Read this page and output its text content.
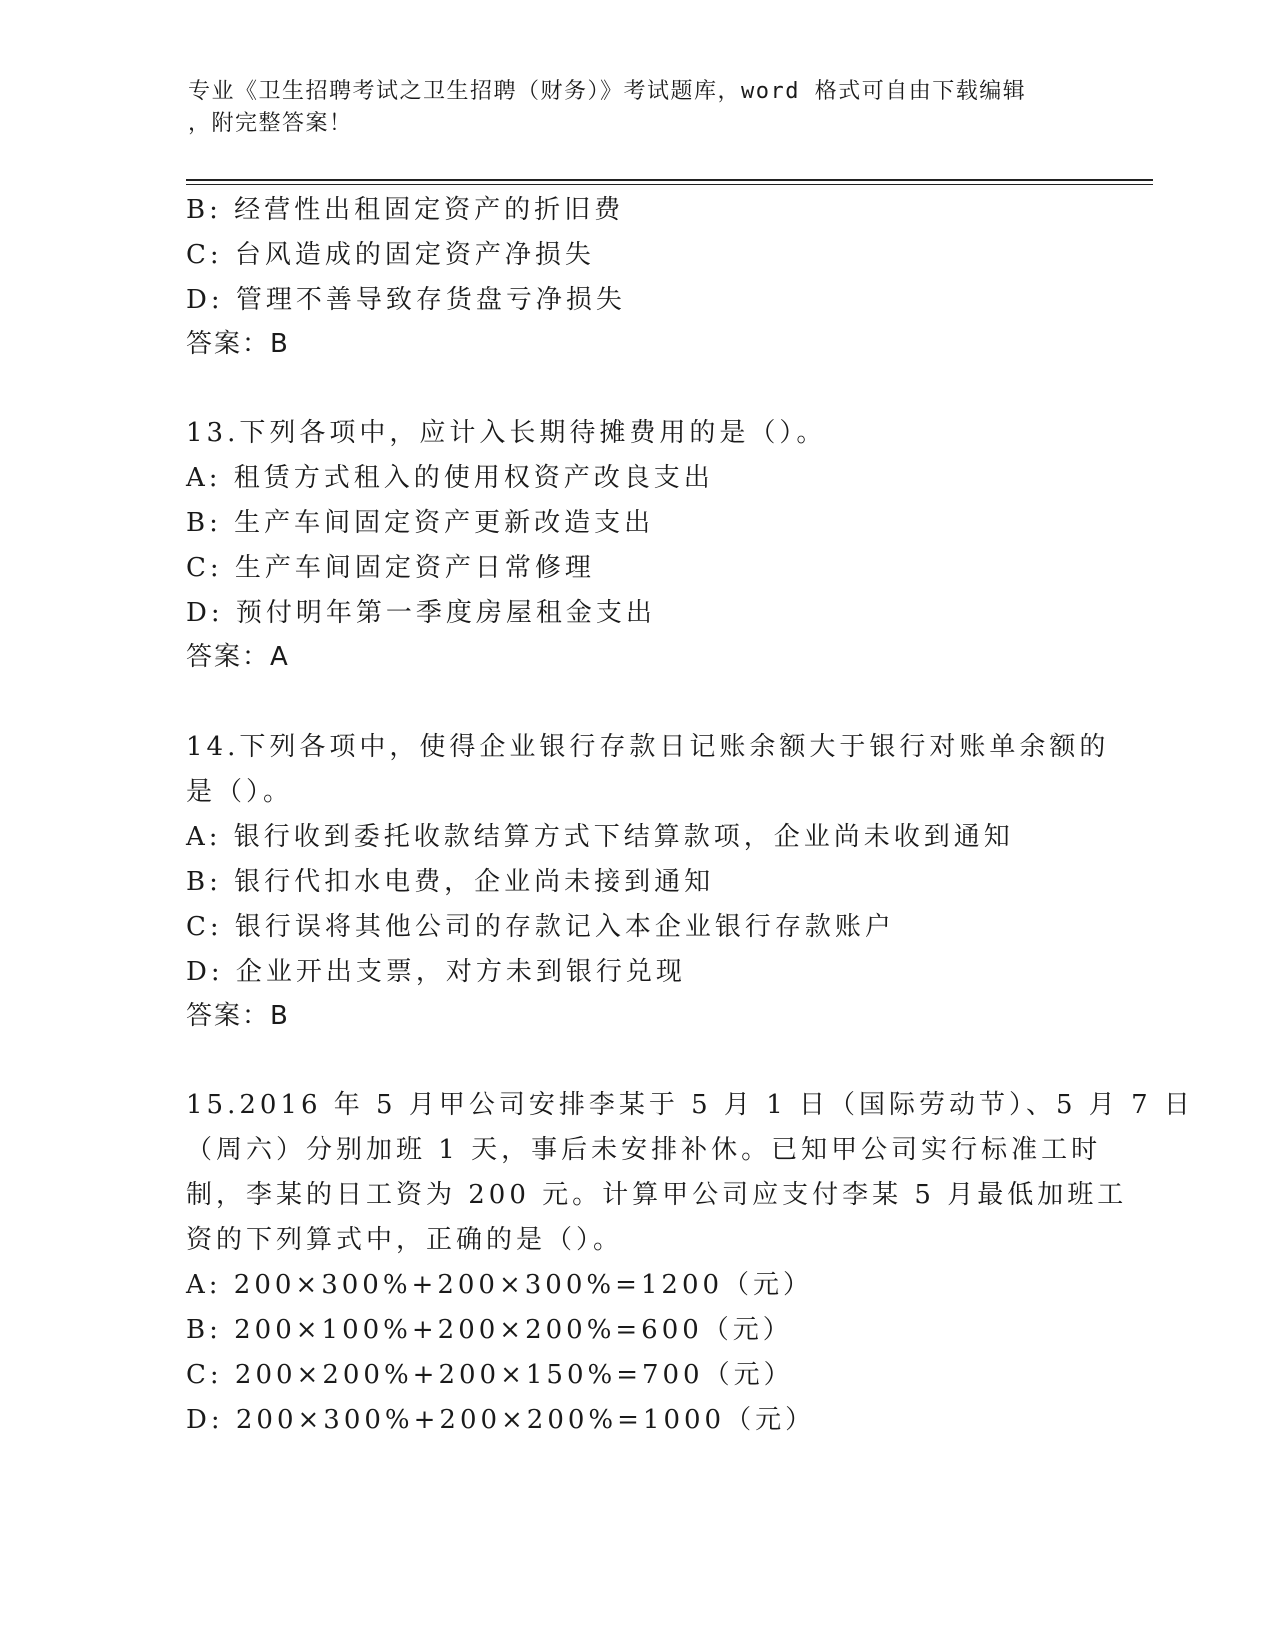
专业《卫生招聘考试之卫生招聘（财务）》考试题库，word 格式可自由下载编辑
，附完整答案！
B: 经营性出租固定资产的折旧费
C: 台风造成的固定资产净损失
D: 管理不善导致存货盘亏净损失
答案：B
13.下列各项中，应计入长期待摊费用的是（）。
A: 租赁方式租入的使用权资产改良支出
B: 生产车间固定资产更新改造支出
C: 生产车间固定资产日常修理
D: 预付明年第一季度房屋租金支出
答案：A
14.下列各项中，使得企业银行存款日记账余额大于银行对账单余额的
是（）。
A: 银行收到委托收款结算方式下结算款项，企业尚未收到通知
B: 银行代扣水电费，企业尚未接到通知
C: 银行误将其他公司的存款记入本企业银行存款账户
D: 企业开出支票，对方未到银行兑现
答案：B
15.2016 年 5 月甲公司安排李某于 5 月 1 日（国际劳动节）、5 月 7 日
（周六）分别加班 1 天，事后未安排补休。已知甲公司实行标准工时
制，李某的日工资为 200 元。计算甲公司应支付李某 5 月最低加班工
资的下列算式中，正确的是（）。
A: 200×300%+200×300%=1200（元）
B: 200×100%+200×200%=600（元）
C: 200×200%+200×150%=700（元）
D: 200×300%+200×200%=1000（元）
